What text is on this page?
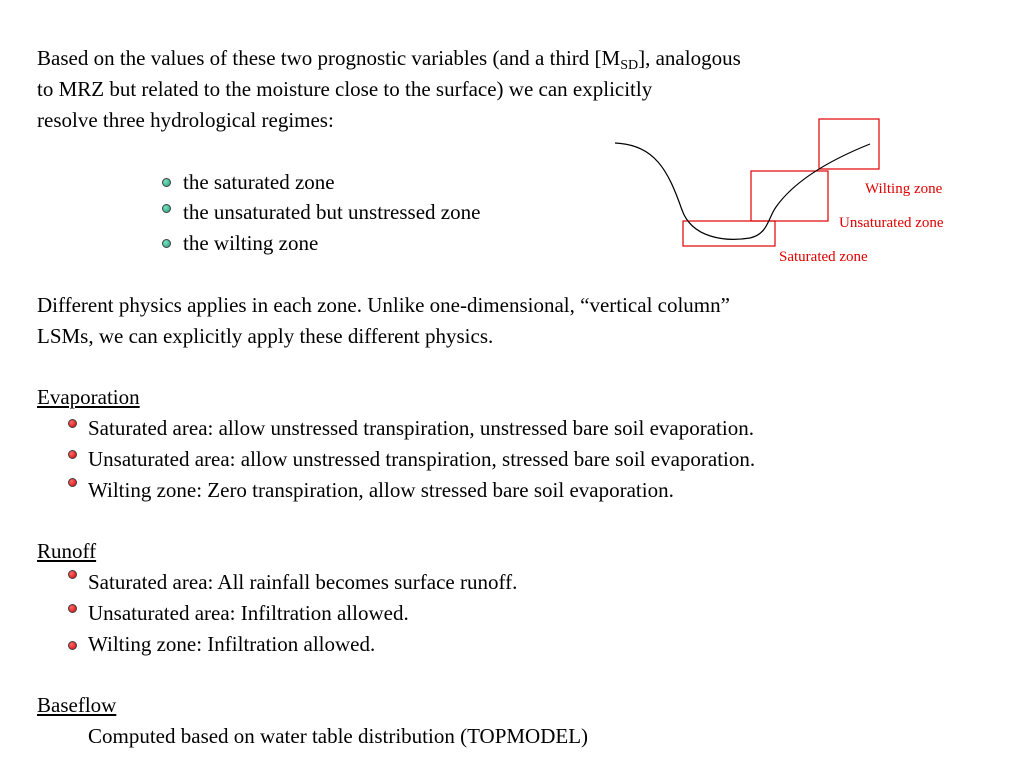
Based on the values of these two prognostic variables (and a third $[M_{SD}]$, analogous
to MRZ but related to the moisture close to the surface) we can explicitly
resolve three hydrological regimes:
the saturated zone
the unsaturated but unstressed zone
the wilting zone
Wilting zone
Unsaturated zone
Saturated zone
Different physics applies in each zone. Unlike one-dimensional, “vertical column”
LSMs, we can explicitly apply these different physics.
Evaporation
Saturated area: allow unstressed transpiration, unstressed bare soil evaporation.
Unsaturated area: allow unstressed transpiration, stressed bare soil evaporation.
Wilting zone: Zero transpiration, allow stressed bare soil evaporation.
Runoff
Saturated area: All rainfall becomes surface runoff.
Unsaturated area: Infiltration allowed.
Wilting zone: Infiltration allowed.
Baseflow
Computed based on water table distribution (TOPMODEL)
